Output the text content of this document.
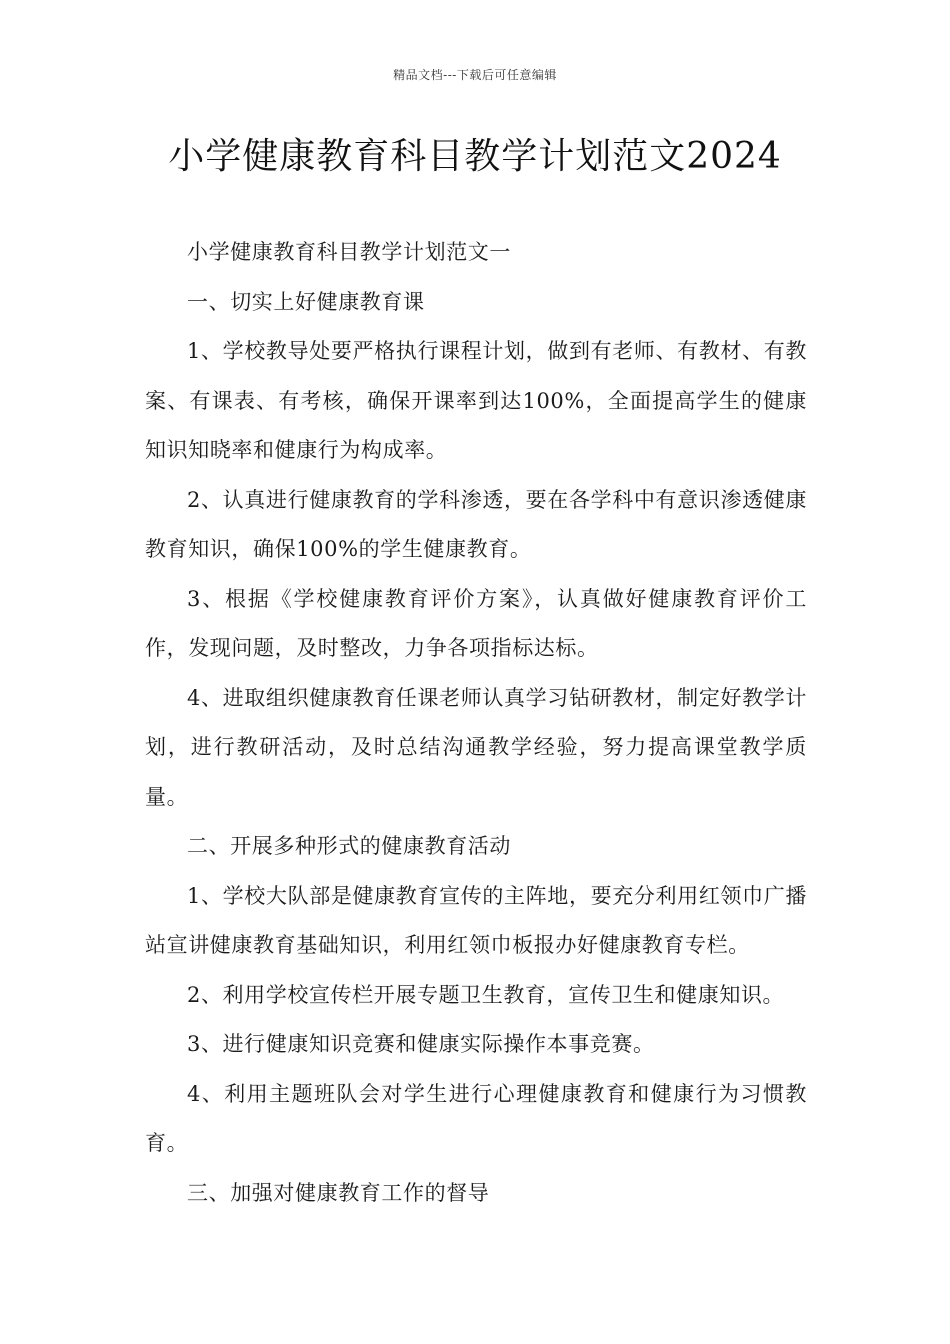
精品文档---下载后可任意编辑
小学健康教育科目教学计划范文2024

小学健康教育科目教学计划范文一

一、切实上好健康教育课

1、学校教导处要严格执行课程计划，做到有老师、有教材、有教案、有课表、有考核，确保开课率到达100%，全面提高学生的健康知识知晓率和健康行为构成率。

2、认真进行健康教育的学科渗透，要在各学科中有意识渗透健康教育知识，确保100%的学生健康教育。

3、根据《学校健康教育评价方案》，认真做好健康教育评价工作，发现问题，及时整改，力争各项指标达标。

4、进取组织健康教育任课老师认真学习钻研教材，制定好教学计划，进行教研活动，及时总结沟通教学经验，努力提高课堂教学质量。

二、开展多种形式的健康教育活动

1、学校大队部是健康教育宣传的主阵地，要充分利用红领巾广播站宣讲健康教育基础知识，利用红领巾板报办好健康教育专栏。

2、利用学校宣传栏开展专题卫生教育，宣传卫生和健康知识。

3、进行健康知识竞赛和健康实际操作本事竞赛。

4、利用主题班队会对学生进行心理健康教育和健康行为习惯教育。

三、加强对健康教育工作的督导
